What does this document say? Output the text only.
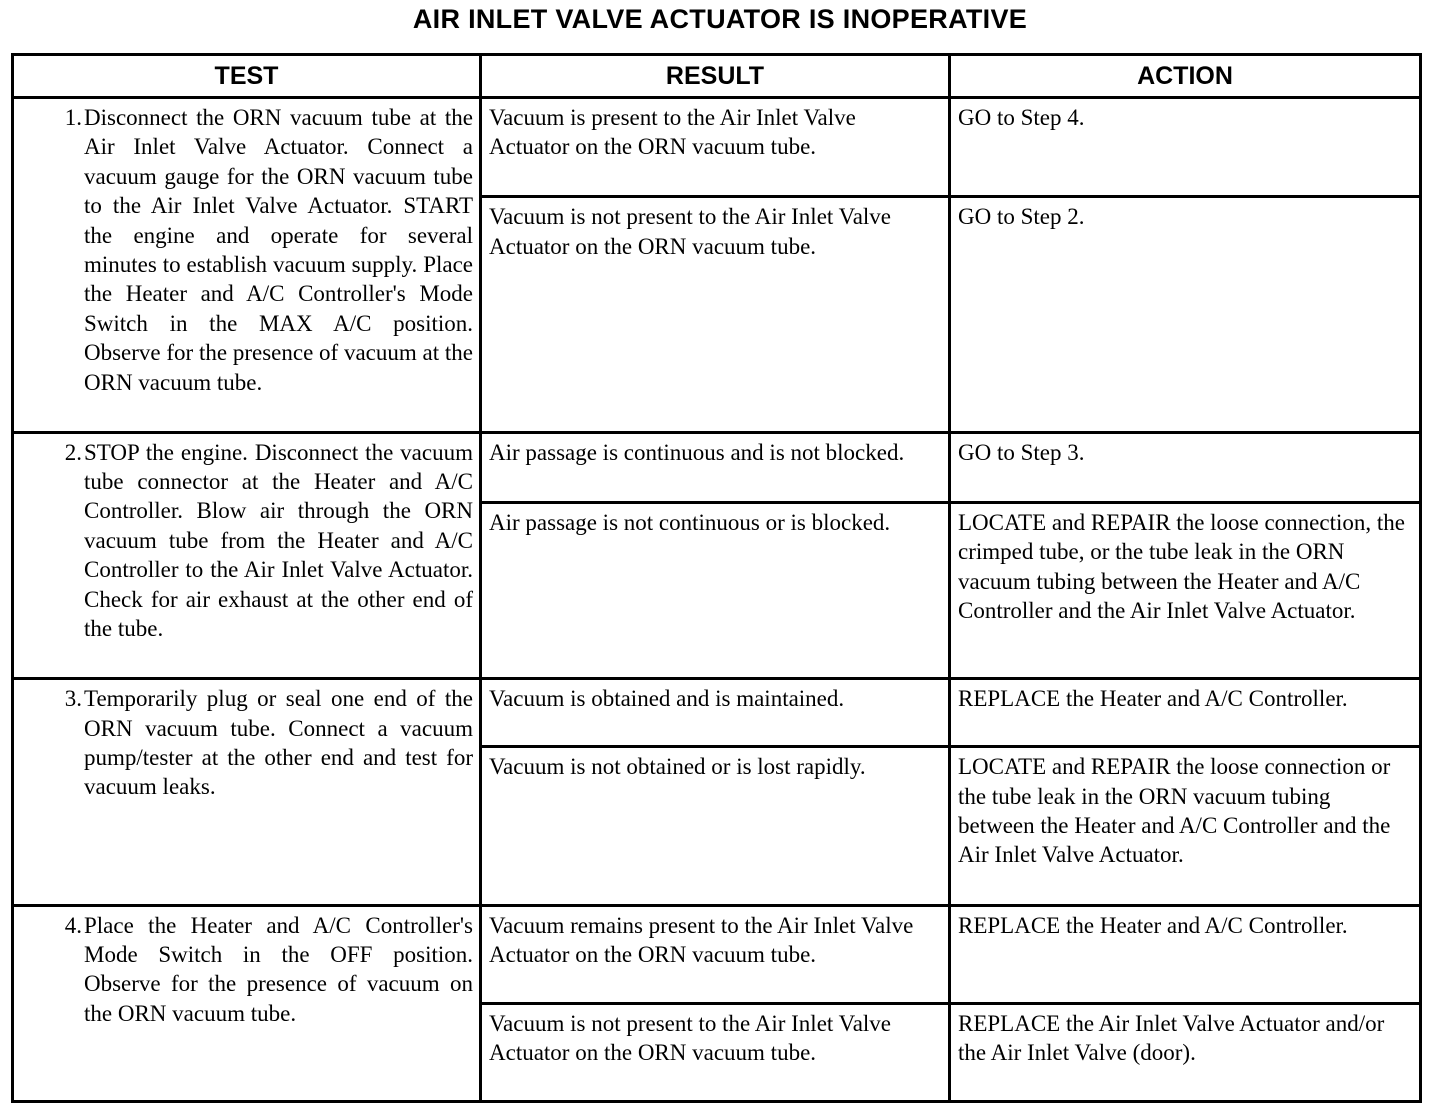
AIR INLET VALVE ACTUATOR IS INOPERATIVE
TEST	RESULT	ACTION

1. Disconnect the ORN vacuum tube at the Air Inlet Valve Actuator. Connect a vacuum gauge for the ORN vacuum tube to the Air Inlet Valve Actuator. START the engine and operate for several minutes to establish vacuum supply. Place the Heater and A/C Controller's Mode Switch in the MAX A/C position. Observe for the presence of vacuum at the ORN vacuum tube.	Vacuum is present to the Air Inlet Valve Actuator on the ORN vacuum tube.	GO to Step 4.

	Vacuum is not present to the Air Inlet Valve Actuator on the ORN vacuum tube.	GO to Step 2.

2. STOP the engine. Disconnect the vacuum tube connector at the Heater and A/C Controller. Blow air through the ORN vacuum tube from the Heater and A/C Controller to the Air Inlet Valve Actuator. Check for air exhaust at the other end of the tube.	Air passage is continuous and is not blocked.	GO to Step 3.

	Air passage is not continuous or is blocked.	LOCATE and REPAIR the loose connection, the crimped tube, or the tube leak in the ORN vacuum tubing between the Heater and A/C Controller and the Air Inlet Valve Actuator.

3. Temporarily plug or seal one end of the ORN vacuum tube. Connect a vacuum pump/tester at the other end and test for vacuum leaks.	Vacuum is obtained and is maintained.	REPLACE the Heater and A/C Controller.

	Vacuum is not obtained or is lost rapidly.	LOCATE and REPAIR the loose connection or the tube leak in the ORN vacuum tubing between the Heater and A/C Controller and the Air Inlet Valve Actuator.

4. Place the Heater and A/C Controller's Mode Switch in the OFF position. Observe for the presence of vacuum on the ORN vacuum tube.	Vacuum remains present to the Air Inlet Valve Actuator on the ORN vacuum tube.	REPLACE the Heater and A/C Controller.

	Vacuum is not present to the Air Inlet Valve Actuator on the ORN vacuum tube.	REPLACE the Air Inlet Valve Actuator and/or the Air Inlet Valve (door).
